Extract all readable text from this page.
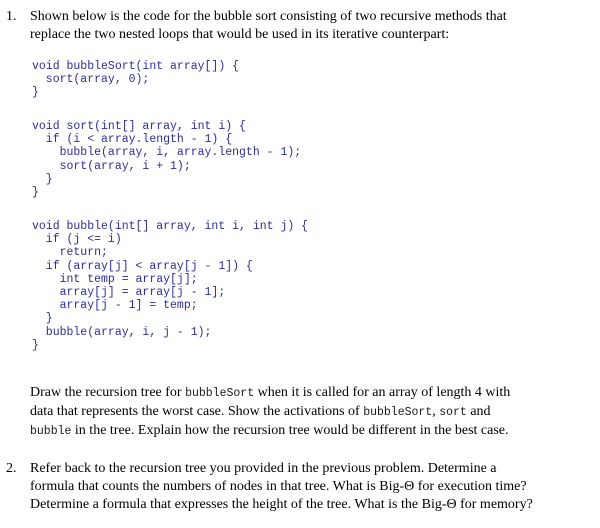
1. Shown below is the code for the bubble sort consisting of two recursive methods that
replace the two nested loops that would be used in its iterative counterpart:
void bubbleSort(int array[]) {
sort(array, 0);
}
void sort(int[] array, int i) {
if (i < array.length - 1) {
bubble(array, i, array.length - 1);
sort(array, i + 1);
}
}
void bubble(int[] array, int i, int j) {
if (j <= i)
return;
if (array[j] < array[j - 1]) {
int temp = array[j];
array[j] = array[j - 1];
array[j - 1] = temp;
}
bubble(array, i, j - 1);
}
Draw the recursion tree for bubbleSort when it is called for an array of length 4 with
data that represents the worst case. Show the activations of bubbleSort, sort and
bubble in the tree. Explain how the recursion tree would be different in the best case.
2. Refer back to the recursion tree you provided in the previous problem. Determine a
formula that counts the numbers of nodes in that tree. What is Big-Θ for execution time?
Determine a formula that expresses the height of the tree. What is the Big-Θ for memory?
